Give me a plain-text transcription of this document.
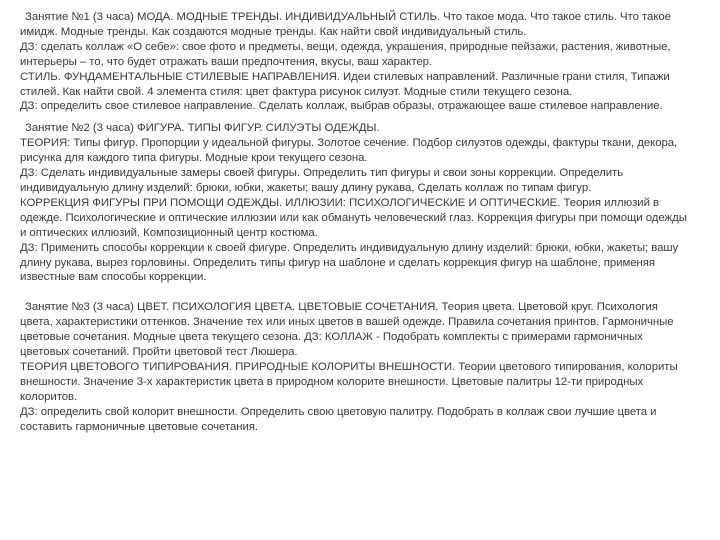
Занятие №1 (3 часа) МОДА. МОДНЫЕ ТРЕНДЫ. ИНДИВИДУАЛЬНЫЙ СТИЛЬ. Что такое мода. Что такое стиль. Что такое имидж. Модные тренды. Как создаются модные тренды. Как найти свой индивидуальный стиль.

ДЗ: сделать коллаж «О себе»: свое фото и предметы, вещи, одежда, украшения, природные пейзажи, растения, животные, интерьеры – то, что будет отражать ваши предпочтения, вкусы, ваш характер.

СТИЛЬ. ФУНДАМЕНТАЛЬНЫЕ СТИЛЕВЫЕ НАПРАВЛЕНИЯ. Идеи стилевых направлений. Различные грани стиля, Типажи стилей. Как найти свой. 4 элемента стиля: цвет фактура рисунок силуэт. Модные стили текущего сезона.

ДЗ: определить свое стилевое направление. Сделать коллаж, выбрав образы, отражающее ваше стилевое направление.

Занятие №2 (3 часа) ФИГУРА. ТИПЫ ФИГУР. СИЛУЭТЫ ОДЕЖДЫ.

ТЕОРИЯ: Типы фигур. Пропорции у идеальной фигуры. Золотое сечение. Подбор силуэтов одежды, фактуры ткани, декора, рисунка для каждого типа фигуры. Модные крои текущего сезона.

ДЗ: Сделать индивидуальные замеры своей фигуры. Определить тип фигуры и свои зоны коррекции. Определить индивидуальную длину изделий: брюки, юбки, жакеты; вашу длину рукава, Сделать коллаж по типам фигур.

КОРРЕКЦИЯ ФИГУРЫ ПРИ ПОМОЩИ ОДЕЖДЫ. ИЛЛЮЗИИ: ПСИХОЛОГИЧЕСКИЕ И ОПТИЧЕСКИЕ. Теория иллюзий в одежде. Психологические и оптические иллюзии или как обмануть человеческий глаз. Коррекция фигуры при помощи одежды и оптических иллюзий. Композиционный центр костюма.

ДЗ: Применить способы коррекции к своей фигуре. Определить индивидуальную длину изделий: брюки, юбки, жакеты; вашу длину рукава, вырез горловины. Определить типы фигур на шаблоне и сделать коррекция фигур на шаблоне, применяя известные вам способы коррекции.

Занятие №3 (3 часа) ЦВЕТ. ПСИХОЛОГИЯ ЦВЕТА. ЦВЕТОВЫЕ СОЧЕТАНИЯ. Теория цвета. Цветовой круг. Психология цвета, характеристики оттенков. Значение тех или иных цветов в вашей одежде. Правила сочетания принтов. Гармоничные цветовые сочетания. Модные цвета текущего сезона. ДЗ: КОЛЛАЖ - Подобрать комплекты с примерами гармоничных цветовых сочетаний. Пройти цветовой тест Люшера.

ТЕОРИЯ ЦВЕТОВОГО ТИПИРОВАНИЯ. ПРИРОДНЫЕ КОЛОРИТЫ ВНЕШНОСТИ. Теории цветового типирования, колориты внешности. Значение 3-х характеристик цвета в природном колорите внешности. Цветовые палитры 12-ти природных колоритов.

ДЗ: определить свой колорит внешности. Определить свою цветовую палитру. Подобрать в коллаж свои лучшие цвета и составить гармоничные цветовые сочетания.
